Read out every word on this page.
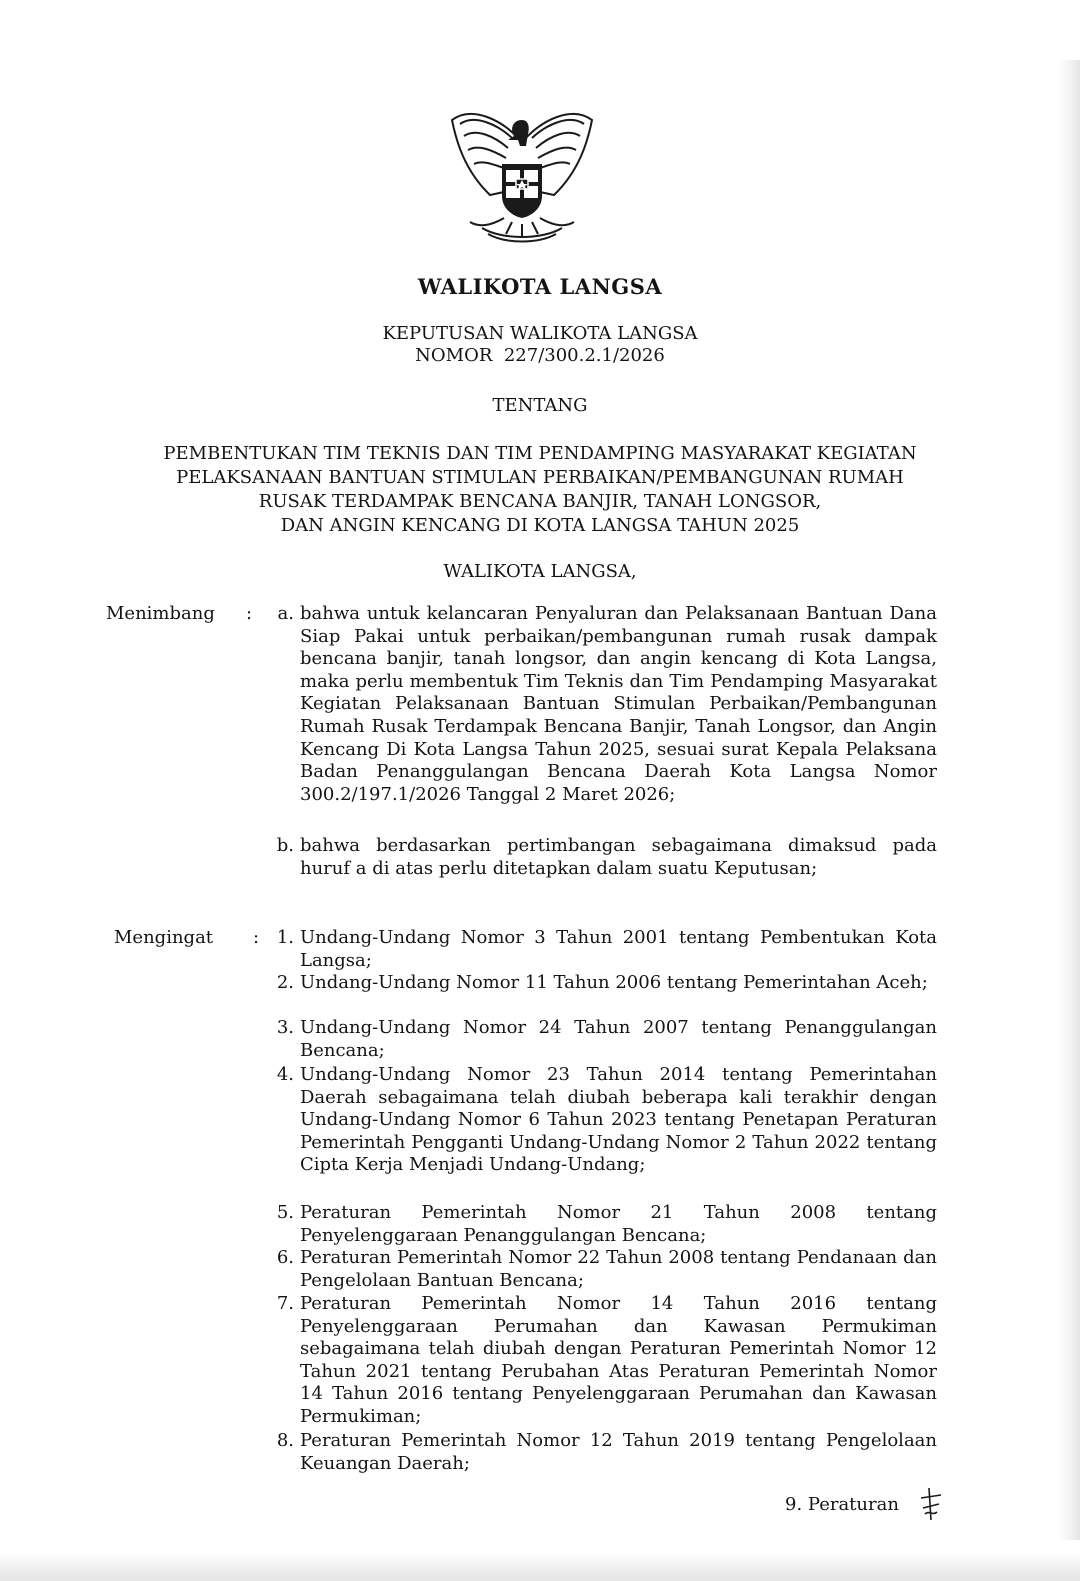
WALIKOTA LANGSA
KEPUTUSAN WALIKOTA LANGSA
NOMOR  227/300.2.1/2026
TENTANG
PEMBENTUKAN TIM TEKNIS DAN TIM PENDAMPING MASYARAKAT KEGIATAN
PELAKSANAAN BANTUAN STIMULAN PERBAIKAN/PEMBANGUNAN RUMAH
RUSAK TERDAMPAK BENCANA BANJIR, TANAH LONGSOR,
DAN ANGIN KENCANG DI KOTA LANGSA TAHUN 2025
WALIKOTA LANGSA,
Menimbang :	a. bahwa untuk kelancaran Penyaluran dan Pelaksanaan Bantuan Dana Siap Pakai untuk perbaikan/pembangunan rumah rusak dampak bencana banjir, tanah longsor, dan angin kencang di Kota Langsa, maka perlu membentuk Tim Teknis dan Tim Pendamping Masyarakat Kegiatan Pelaksanaan Bantuan Stimulan Perbaikan/Pembangunan Rumah Rusak Terdampak Bencana Banjir, Tanah Longsor, dan Angin Kencang Di Kota Langsa Tahun 2025, sesuai surat Kepala Pelaksana Badan Penanggulangan Bencana Daerah Kota Langsa Nomor 300.2/197.1/2026 Tanggal 2 Maret 2026;
b. bahwa berdasarkan pertimbangan sebagaimana dimaksud pada huruf a di atas perlu ditetapkan dalam suatu Keputusan;
Mengingat : 1. Undang-Undang Nomor 3 Tahun 2001 tentang Pembentukan Kota Langsa;
2. Undang-Undang Nomor 11 Tahun 2006 tentang Pemerintahan Aceh;
3. Undang-Undang Nomor 24 Tahun 2007 tentang Penanggulangan Bencana;
4. Undang-Undang Nomor 23 Tahun 2014 tentang Pemerintahan Daerah sebagaimana telah diubah beberapa kali terakhir dengan Undang-Undang Nomor 6 Tahun 2023 tentang Penetapan Peraturan Pemerintah Pengganti Undang-Undang Nomor 2 Tahun 2022 tentang Cipta Kerja Menjadi Undang-Undang;
5. Peraturan Pemerintah Nomor 21 Tahun 2008 tentang Penyelenggaraan Penanggulangan Bencana;
6. Peraturan Pemerintah Nomor 22 Tahun 2008 tentang Pendanaan dan Pengelolaan Bantuan Bencana;
7. Peraturan Pemerintah Nomor 14 Tahun 2016 tentang Penyelenggaraan Perumahan dan Kawasan Permukiman sebagaimana telah diubah dengan Peraturan Pemerintah Nomor 12 Tahun 2021 tentang Perubahan Atas Peraturan Pemerintah Nomor 14 Tahun 2016 tentang Penyelenggaraan Perumahan dan Kawasan Permukiman;
8. Peraturan Pemerintah Nomor 12 Tahun 2019 tentang Pengelolaan Keuangan Daerah;
9. Peraturan
